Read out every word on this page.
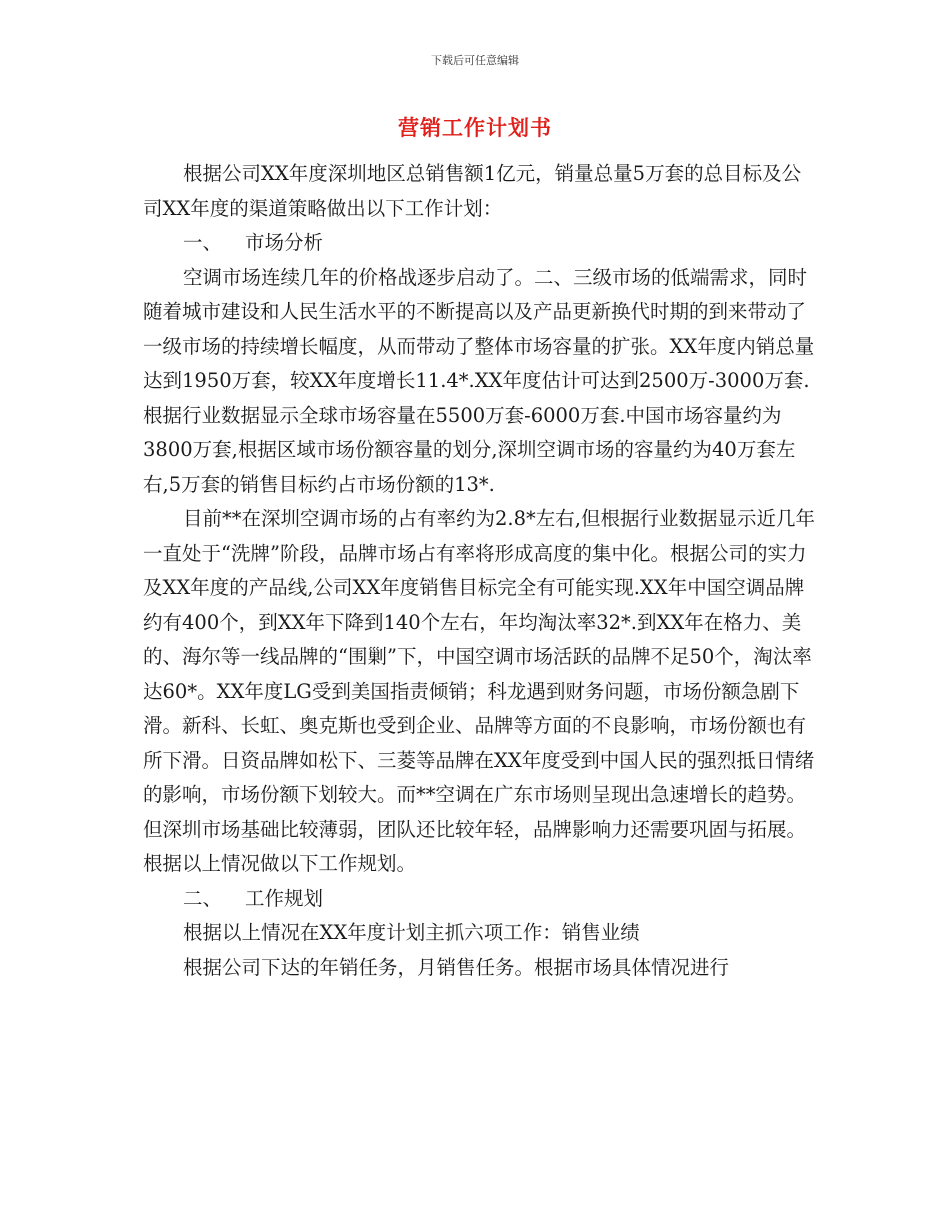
下载后可任意编辑
营销工作计划书

根据公司XX年度深圳地区总销售额1亿元，销量总量5万套的总目标及公司XX年度的渠道策略做出以下工作计划：

一、 市场分析

空调市场连续几年的价格战逐步启动了。二、三级市场的低端需求，同时随着城市建设和人民生活水平的不断提高以及产品更新换代时期的到来带动了一级市场的持续增长幅度，从而带动了整体市场容量的扩张。XX年度内销总量达到1950万套，较XX年度增长11.4*.XX年度估计可达到2500万-3000万套.根据行业数据显示全球市场容量在5500万套-6000万套.中国市场容量约为3800万套,根据区域市场份额容量的划分,深圳空调市场的容量约为40万套左右,5万套的销售目标约占市场份额的13*.

目前**在深圳空调市场的占有率约为2.8*左右,但根据行业数据显示近几年一直处于“洗牌”阶段，品牌市场占有率将形成高度的集中化。根据公司的实力及XX年度的产品线,公司XX年度销售目标完全有可能实现.XX年中国空调品牌约有400个，到XX年下降到140个左右，年均淘汰率32*.到XX年在格力、美的、海尔等一线品牌的“围剿”下，中国空调市场活跃的品牌不足50个，淘汰率达60*。XX年度LG受到美国指责倾销；科龙遇到财务问题，市场份额急剧下滑。新科、长虹、奥克斯也受到企业、品牌等方面的不良影响，市场份额也有所下滑。日资品牌如松下、三菱等品牌在XX年度受到中国人民的强烈抵日情绪的影响，市场份额下划较大。而**空调在广东市场则呈现出急速增长的趋势。但深圳市场基础比较薄弱，团队还比较年轻，品牌影响力还需要巩固与拓展。根据以上情况做以下工作规划。

二、 工作规划

根据以上情况在XX年度计划主抓六项工作：销售业绩

根据公司下达的年销任务，月销售任务。根据市场具体情况进行
